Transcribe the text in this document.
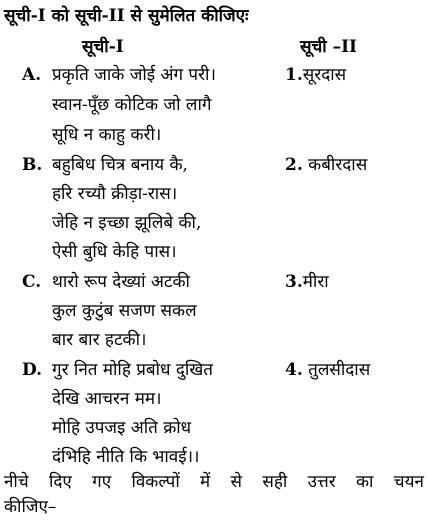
सूची-I को सूची-II से सुमेलित कीजिएः
सूची-I	सूची –II
A. प्रकृति जाके जोई अंग परी।
स्वान-पूँछ कोटिक जो लागै
सूधि न काहु करी।
1.सूरदास
B. बहुबिध चित्र बनाय कै,
हरि रच्यौ क्रीड़ा-रास।
जेहि न इच्छा झूलिबे की,
ऐसी बुधि केहि पास।
2. कबीरदास
C. थारो रूप देख्यां अटकी
कुल कुटुंब सजण सकल
बार बार हटकी।
3.मीरा
D. गुर नित मोहि प्रबोध दुखित
देखि आचरन मम।
मोहि उपजइ अति क्रोध
दंभिहि नीति कि भावई।।
4. तुलसीदास
नीचे दिए गए विकल्पों में से सही उत्तर का चयन
कीजिए–
